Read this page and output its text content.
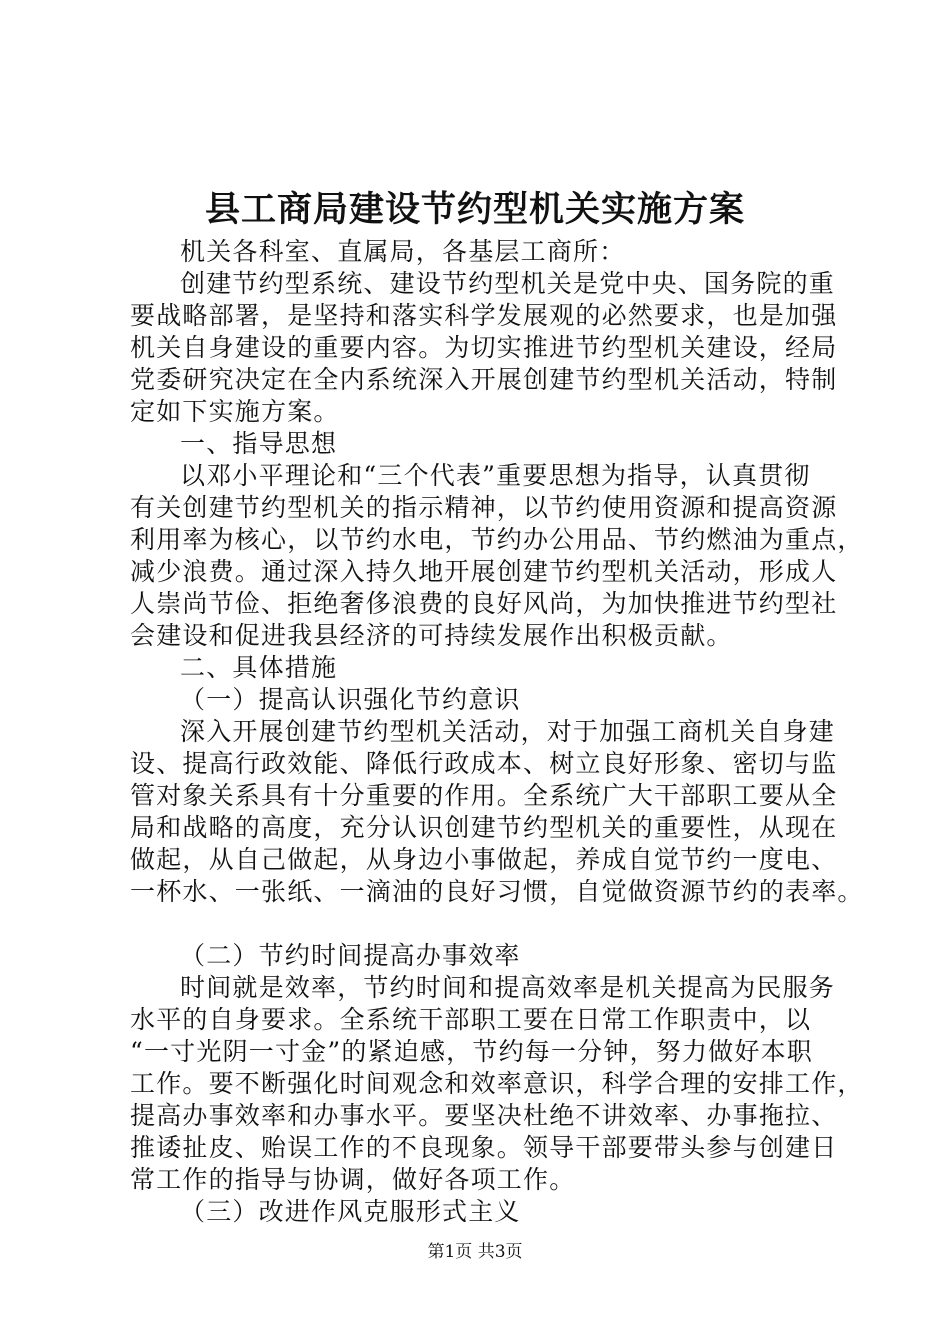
县工商局建设节约型机关实施方案
机关各科室、直属局，各基层工商所：
创建节约型系统、建设节约型机关是党中央、国务院的重
要战略部署，是坚持和落实科学发展观的必然要求，也是加强
机关自身建设的重要内容。为切实推进节约型机关建设，经局
党委研究决定在全内系统深入开展创建节约型机关活动，特制
定如下实施方案。
一、指导思想
以邓小平理论和“三个代表”重要思想为指导，认真贯彻
有关创建节约型机关的指示精神，以节约使用资源和提高资源
利用率为核心，以节约水电，节约办公用品、节约燃油为重点，
减少浪费。通过深入持久地开展创建节约型机关活动，形成人
人崇尚节俭、拒绝奢侈浪费的良好风尚，为加快推进节约型社
会建设和促进我县经济的可持续发展作出积极贡献。
二、具体措施
（一）提高认识强化节约意识
深入开展创建节约型机关活动，对于加强工商机关自身建
设、提高行政效能、降低行政成本、树立良好形象、密切与监
管对象关系具有十分重要的作用。全系统广大干部职工要从全
局和战略的高度，充分认识创建节约型机关的重要性，从现在
做起，从自己做起，从身边小事做起，养成自觉节约一度电、
一杯水、一张纸、一滴油的良好习惯，自觉做资源节约的表率。
（二）节约时间提高办事效率
时间就是效率，节约时间和提高效率是机关提高为民服务
水平的自身要求。全系统干部职工要在日常工作职责中，以
“一寸光阴一寸金”的紧迫感，节约每一分钟，努力做好本职
工作。要不断强化时间观念和效率意识，科学合理的安排工作，
提高办事效率和办事水平。要坚决杜绝不讲效率、办事拖拉、
推诿扯皮、贻误工作的不良现象。领导干部要带头参与创建日
常工作的指导与协调，做好各项工作。
（三）改进作风克服形式主义
第1页 共3页
